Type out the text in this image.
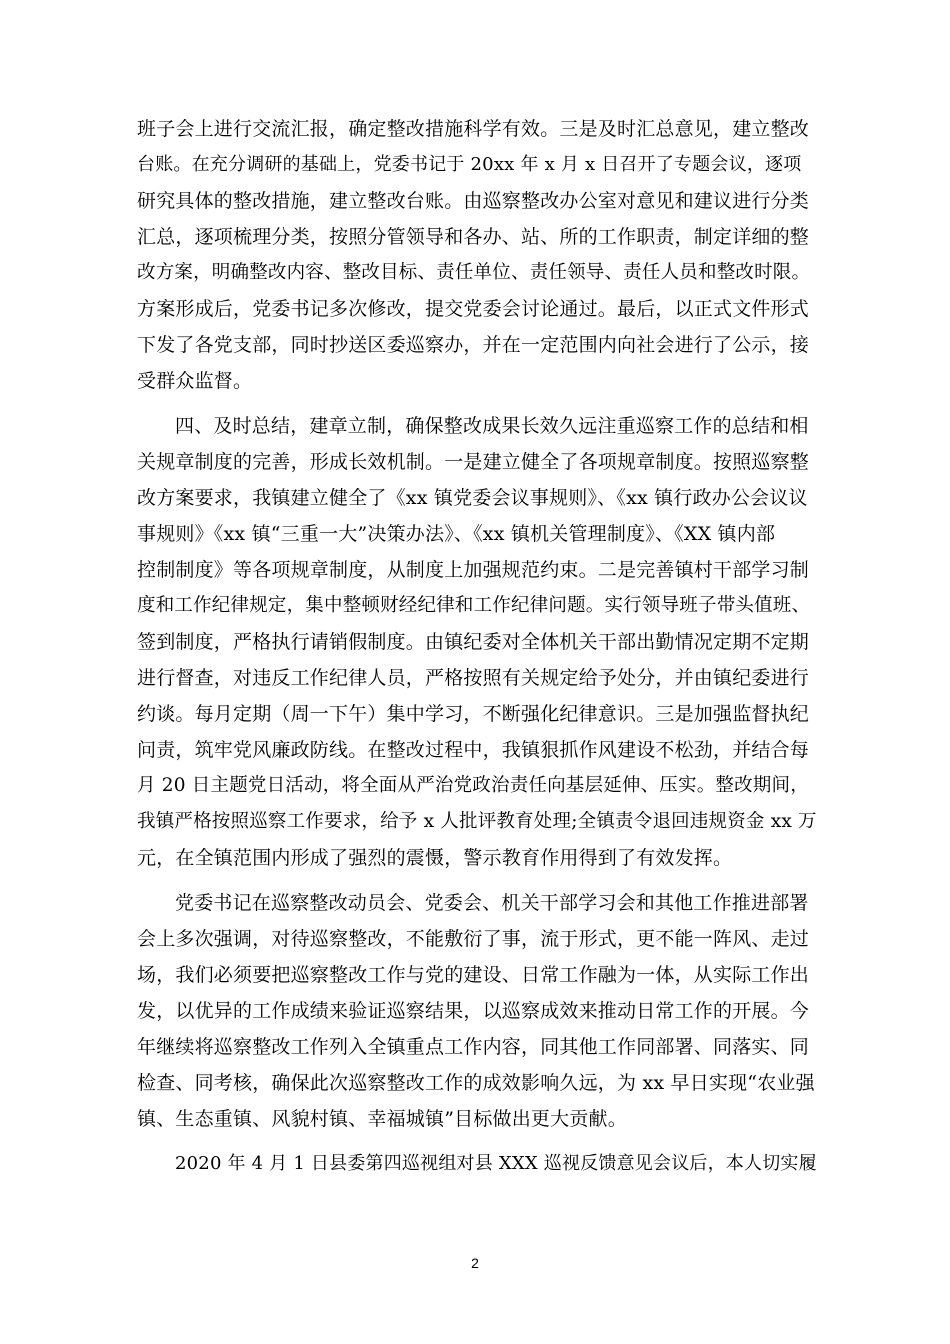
班子会上进行交流汇报，确定整改措施科学有效。三是及时汇总意见，建立整改
台账。在充分调研的基础上，党委书记于 20xx 年 x 月 x 日召开了专题会议，逐项
研究具体的整改措施，建立整改台账。由巡察整改办公室对意见和建议进行分类
汇总，逐项梳理分类，按照分管领导和各办、站、所的工作职责，制定详细的整
改方案，明确整改内容、整改目标、责任单位、责任领导、责任人员和整改时限。
方案形成后，党委书记多次修改，提交党委会讨论通过。最后，以正式文件形式
下发了各党支部，同时抄送区委巡察办，并在一定范围内向社会进行了公示，接
受群众监督。
四、及时总结，建章立制，确保整改成果长效久远注重巡察工作的总结和相
关规章制度的完善，形成长效机制。一是建立健全了各项规章制度。按照巡察整
改方案要求，我镇建立健全了《xx 镇党委会议事规则》、《xx 镇行政办公会议议
事规则》《xx 镇“三重一大”决策办法》、《xx 镇机关管理制度》、《XX 镇内部
控制制度》等各项规章制度，从制度上加强规范约束。二是完善镇村干部学习制
度和工作纪律规定，集中整顿财经纪律和工作纪律问题。实行领导班子带头值班、
签到制度，严格执行请销假制度。由镇纪委对全体机关干部出勤情况定期不定期
进行督查，对违反工作纪律人员，严格按照有关规定给予处分，并由镇纪委进行
约谈。每月定期（周一下午）集中学习，不断强化纪律意识。三是加强监督执纪
问责，筑牢党风廉政防线。在整改过程中，我镇狠抓作风建设不松劲，并结合每
月 20 日主题党日活动，将全面从严治党政治责任向基层延伸、压实。整改期间，
我镇严格按照巡察工作要求，给予 x 人批评教育处理;全镇责令退回违规资金 xx 万
元，在全镇范围内形成了强烈的震慑，警示教育作用得到了有效发挥。
党委书记在巡察整改动员会、党委会、机关干部学习会和其他工作推进部署
会上多次强调，对待巡察整改，不能敷衍了事，流于形式，更不能一阵风、走过
场，我们必须要把巡察整改工作与党的建设、日常工作融为一体，从实际工作出
发，以优异的工作成绩来验证巡察结果，以巡察成效来推动日常工作的开展。今
年继续将巡察整改工作列入全镇重点工作内容，同其他工作同部署、同落实、同
检查、同考核，确保此次巡察整改工作的成效影响久远，为 xx 早日实现“农业强
镇、生态重镇、风貌村镇、幸福城镇”目标做出更大贡献。
2020 年 4 月 1 日县委第四巡视组对县 XXX 巡视反馈意见会议后，本人切实履
2
